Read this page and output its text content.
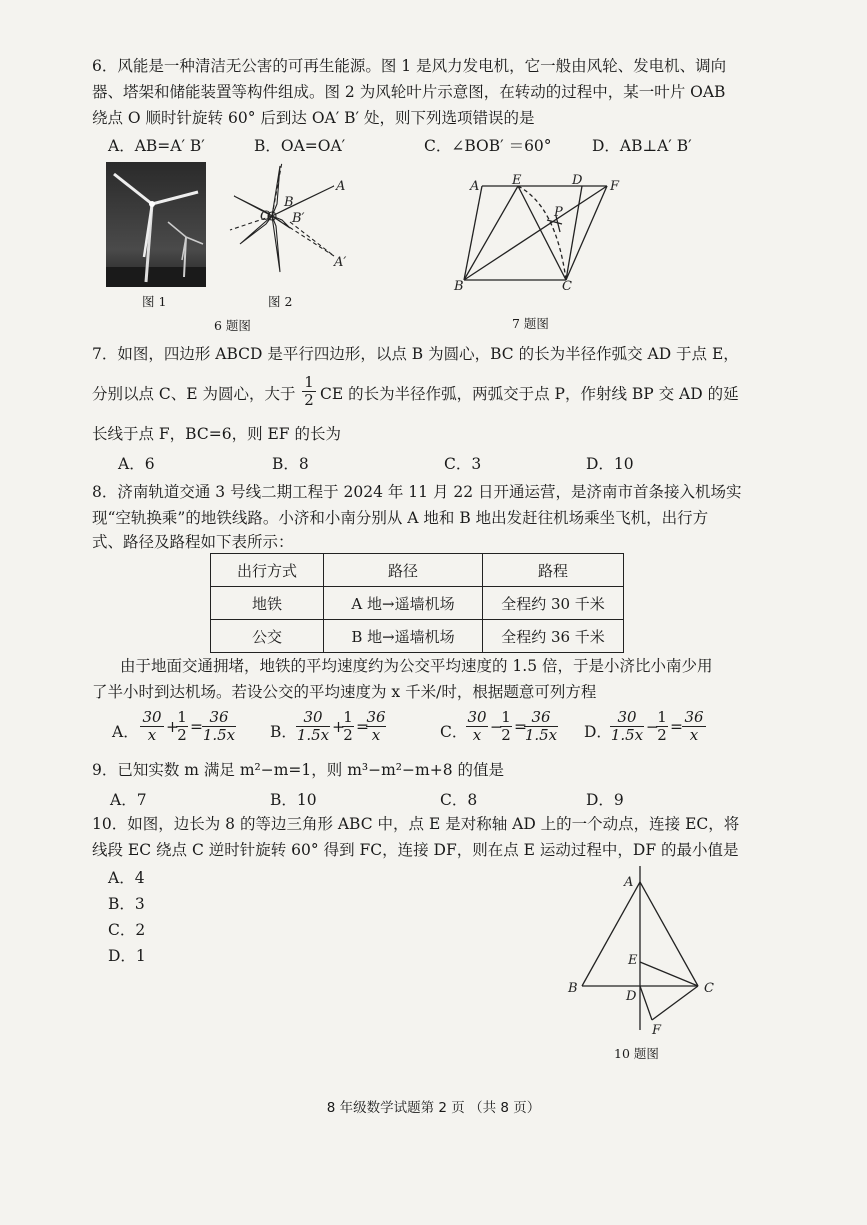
6．风能是一种清洁无公害的可再生能源。图 1 是风力发电机，它一般由风轮、发电机、调向
器、塔架和储能装置等构件组成。图 2 为风轮叶片示意图，在转动的过程中，某一叶片 OAB
绕点 O 顺时针旋转 60° 后到达 OA′ B′ 处，则下列选项错误的是
A．AB=A′ B′	B．OA=OA′	C．∠BOB′ ＝60°	D．AB⊥A′ B′
图 1
A
B
B′
A′
O
图 2
6 题图
A	E	D F
P
B	C
7 题图
7．如图，四边形 ABCD 是平行四边形，以点 B 为圆心，BC 的长为半径作弧交 AD 于点 E，
分别以点 C、E 为圆心，大于 $\frac{1}{2}$ CE 的长为半径作弧，两弧交于点 P，作射线 BP 交 AD 的延
长线于点 F，BC=6，则 EF 的长为
A．6	B．8	C．3	D．10
8．济南轨道交通 3 号线二期工程于 2024 年 11 月 22 日开通运营，是济南市首条接入机场实
现“空轨换乘”的地铁线路。小济和小南分别从 A 地和 B 地出发赶往机场乘坐飞机，出行方
式、路径及路程如下表所示：
出行方式	路径	路程
地铁	A 地→遥墙机场	全程约 30 千米
公交	B 地→遥墙机场	全程约 36 千米
由于地面交通拥堵，地铁的平均速度约为公交平均速度的 1.5 倍，于是小济比小南少用
了半小时到达机场。若设公交的平均速度为 x 千米/时，根据题意可列方程
A． $\frac{30}{x}$ +
$\frac{1}{2} = \frac{36}{1.5x}$ B． $\frac{30}{1.5x}$ +
$\frac{1}{2}$ =
$\frac{36}{x}$	C．
$\frac{30}{x}$ −
$\frac{1}{2}$ =
$\frac{36}{1.5x}$ D．
$\frac{30}{1.5x}$ −
$\frac{1}{2} = \frac{36}{x}$
9．已知实数 m 满足 m²−m=1，则 m³−m²−m+8 的值是
A．7	B．10	C．8	D．9
10．如图，边长为 8 的等边三角形 ABC 中，点 E 是对称轴 AD 上的一个动点，连接 EC，将
线段 EC 绕点 C 逆时针旋转 60° 得到 FC，连接 DF，则在点 E 运动过程中，DF 的最小值是
A．4
B．3
C．2
D．1
A
E
B
D
C
F
10 题图
8 年级数学试题第 2 页 （共 8 页）
